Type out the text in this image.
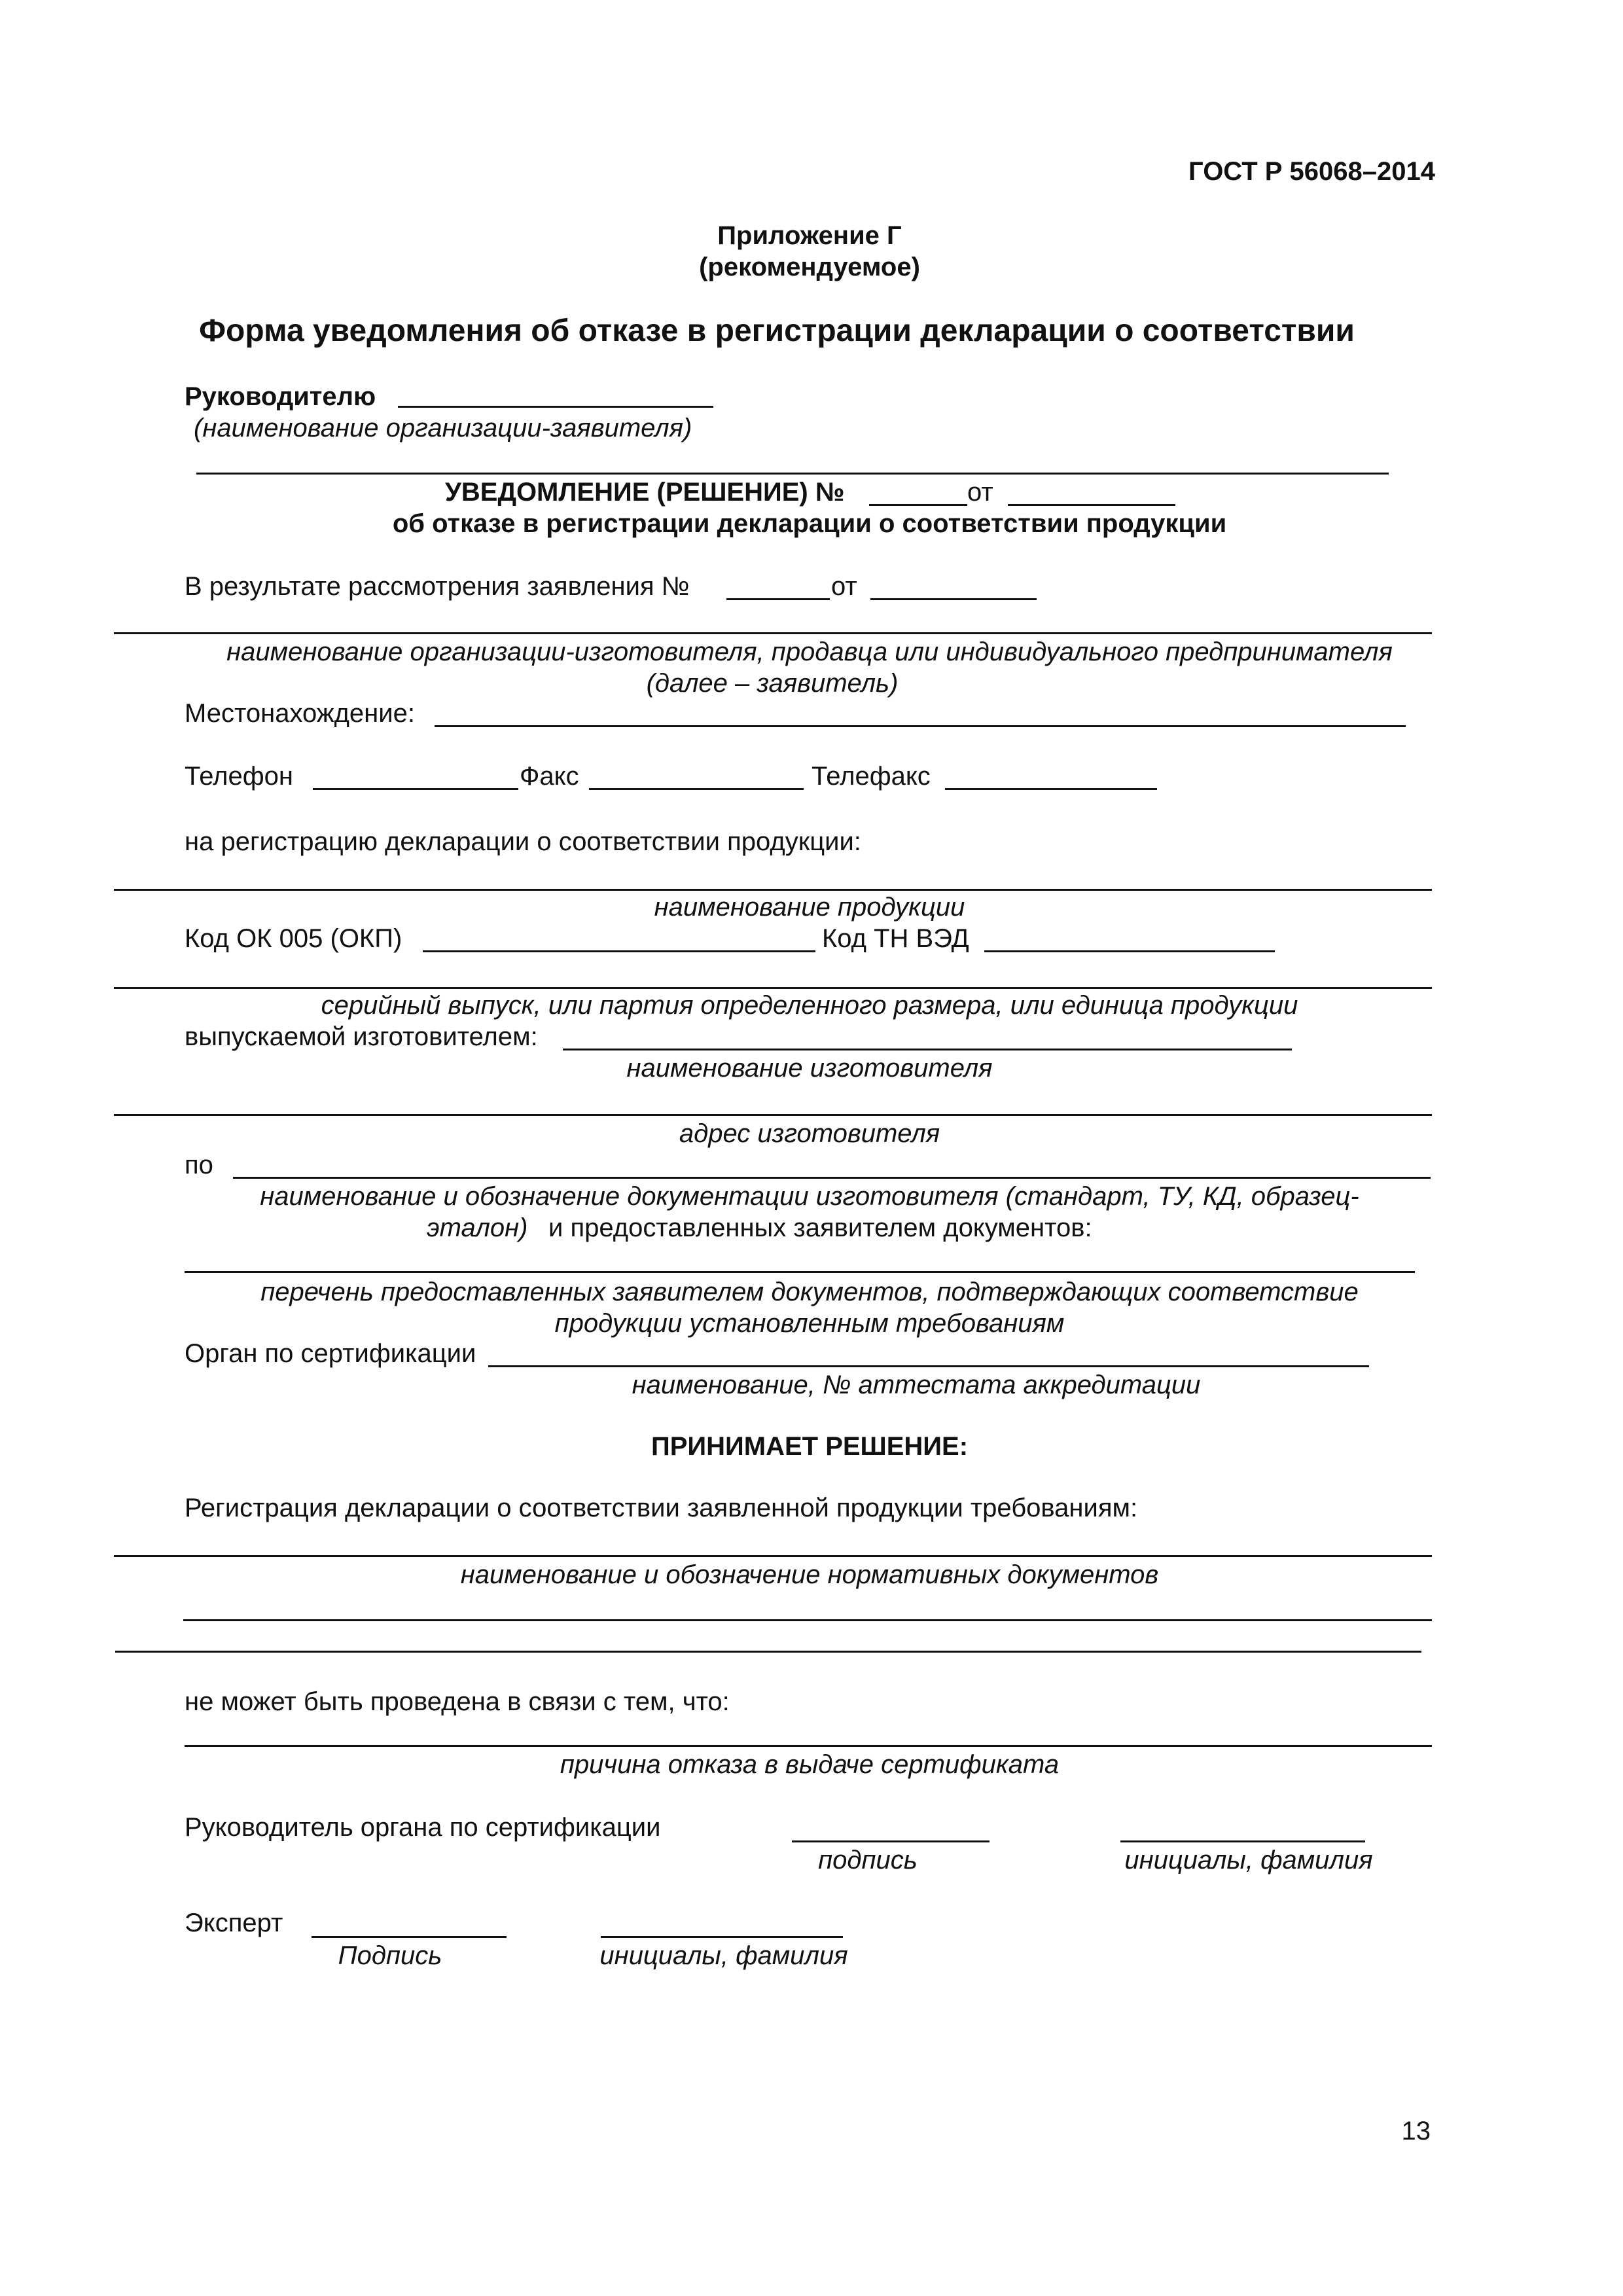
ГОСТ Р 56068–2014
Приложение Г
(рекомендуемое)
Форма уведомления об отказе в регистрации декларации о соответствии
Руководителю
(наименование организации-заявителя)
УВЕДОМЛЕНИЕ (РЕШЕНИЕ) №	от
об отказе в регистрации декларации о соответствии продукции
В результате рассмотрения заявления №	от
наименование организации-изготовителя, продавца или индивидуального предпринимателя
(далее – заявитель)
Местонахождение:
Телефон	Факс	Телефакс
на регистрацию декларации о соответствии продукции:
наименование продукции
Код ОК 005 (ОКП)	Код ТН ВЭД
серийный выпуск, или партия определенного размера, или единица продукции
выпускаемой изготовителем:
наименование изготовителя
адрес изготовителя
по
наименование и обозначение документации изготовителя (стандарт, ТУ, КД, образец-
эталон) и предоставленных заявителем документов:
перечень предоставленных заявителем документов, подтверждающих соответствие
продукции установленным требованиям
Орган по сертификации
наименование, № аттестата аккредитации
ПРИНИМАЕТ РЕШЕНИЕ:
Регистрация декларации о соответствии заявленной продукции требованиям:
наименование и обозначение нормативных документов
не может быть проведена в связи с тем, что:
причина отказа в выдаче сертификата
Руководитель органа по сертификации
подпись	инициалы, фамилия
Эксперт
Подпись	инициалы, фамилия
13
